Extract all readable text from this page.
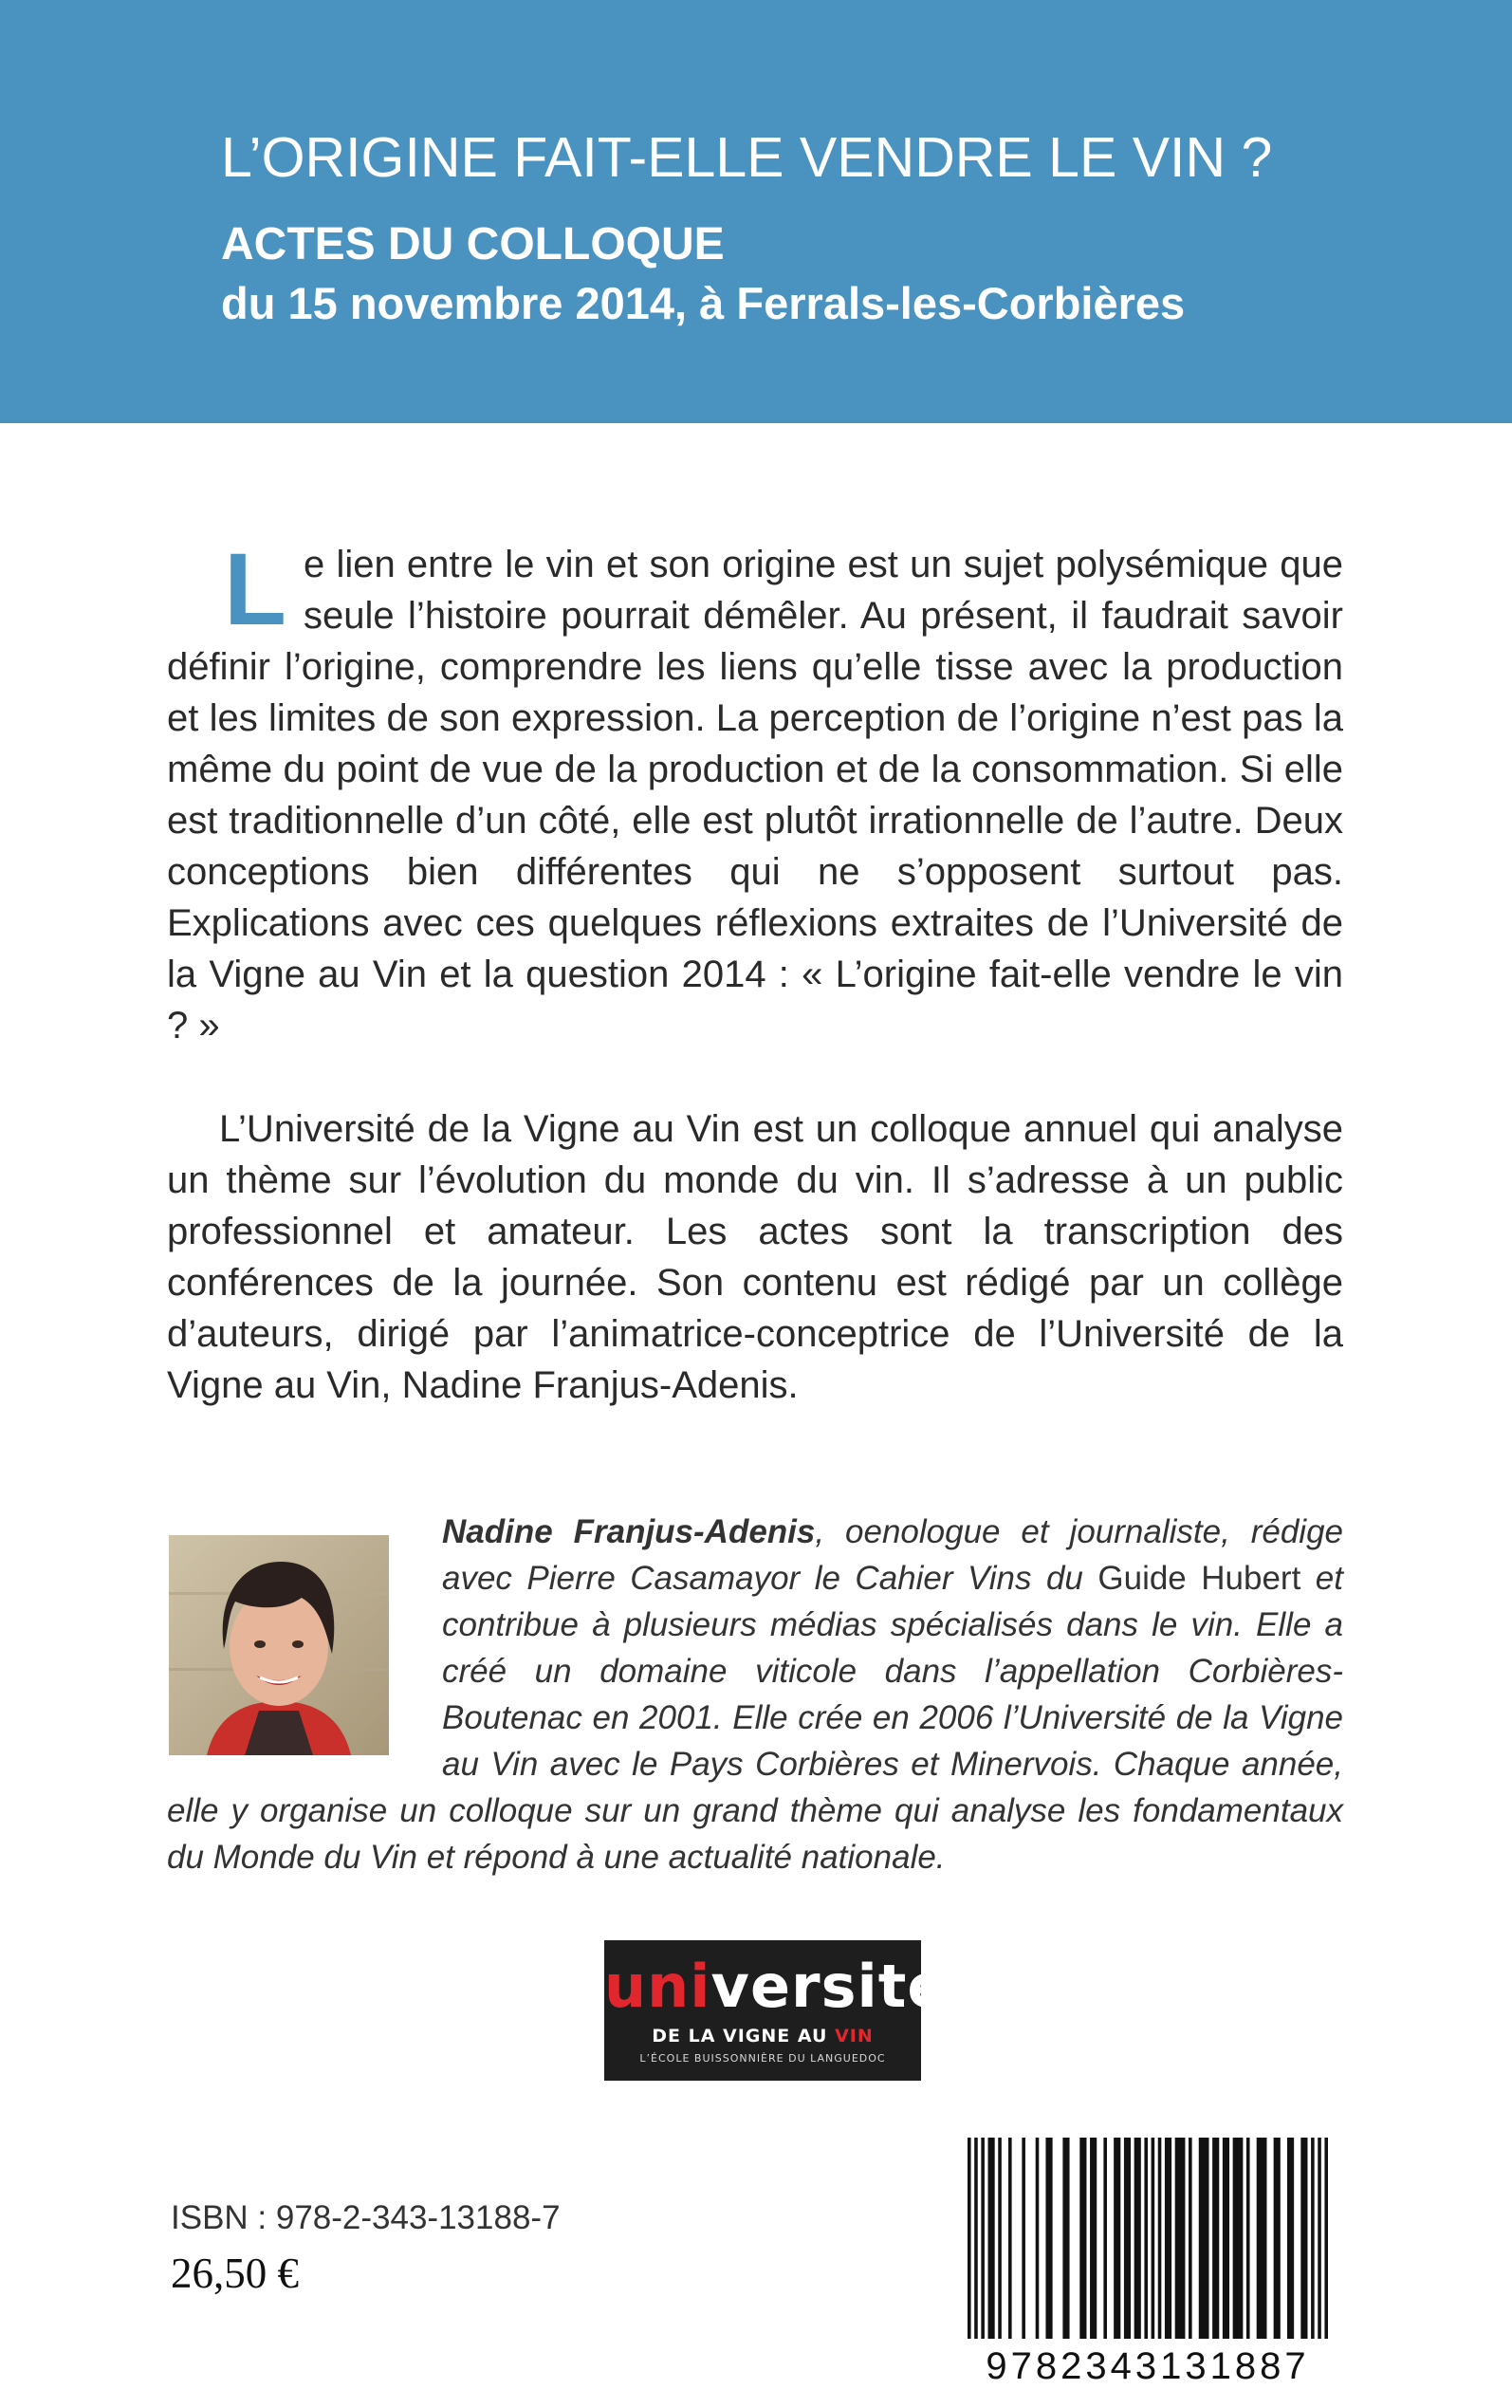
L’ORIGINE FAIT-ELLE VENDRE LE VIN ?
ACTES DU COLLOQUE
du 15 novembre 2014, à Ferrals-les-Corbières
Le lien entre le vin et son origine est un sujet polysémique que seule l’histoire pourrait démêler. Au présent, il faudrait savoir définir l’origine, comprendre les liens qu’elle tisse avec la production et les limites de son expression. La perception de l’origine n’est pas la même du point de vue de la production et de la consommation. Si elle est traditionnelle d’un côté, elle est plutôt irrationnelle de l’autre. Deux conceptions bien différentes qui ne s’opposent surtout pas. Explications avec ces quelques réflexions extraites de l’Université de la Vigne au Vin et la question 2014 : « L’origine fait-elle vendre le vin ? »
L’Université de la Vigne au Vin est un colloque annuel qui analyse un thème sur l’évolution du monde du vin. Il s’adresse à un public professionnel et amateur. Les actes sont la transcription des conférences de la journée. Son contenu est rédigé par un collège d’auteurs, dirigé par l’animatrice-conceptrice de l’Université de la Vigne au Vin, Nadine Franjus-Adenis.
Nadine Franjus-Adenis, oenologue et journaliste, rédige avec Pierre Casamayor le Cahier Vins du Guide Hubert et contribue à plusieurs médias spécialisés dans le vin. Elle a créé un domaine viticole dans l’appellation Corbières-Boutenac en 2001. Elle crée en 2006 l’Université de la Vigne au Vin avec le Pays Corbières et Minervois. Chaque année, elle y organise un colloque sur un grand thème qui analyse les fondamentaux du Monde du Vin et répond à une actualité nationale.
université
DE LA VIGNE AU VIN
L’ÉCOLE BUISSONNIÈRE DU LANGUEDOC
ISBN : 978-2-343-13188-7
26,50 €
9782343131887
